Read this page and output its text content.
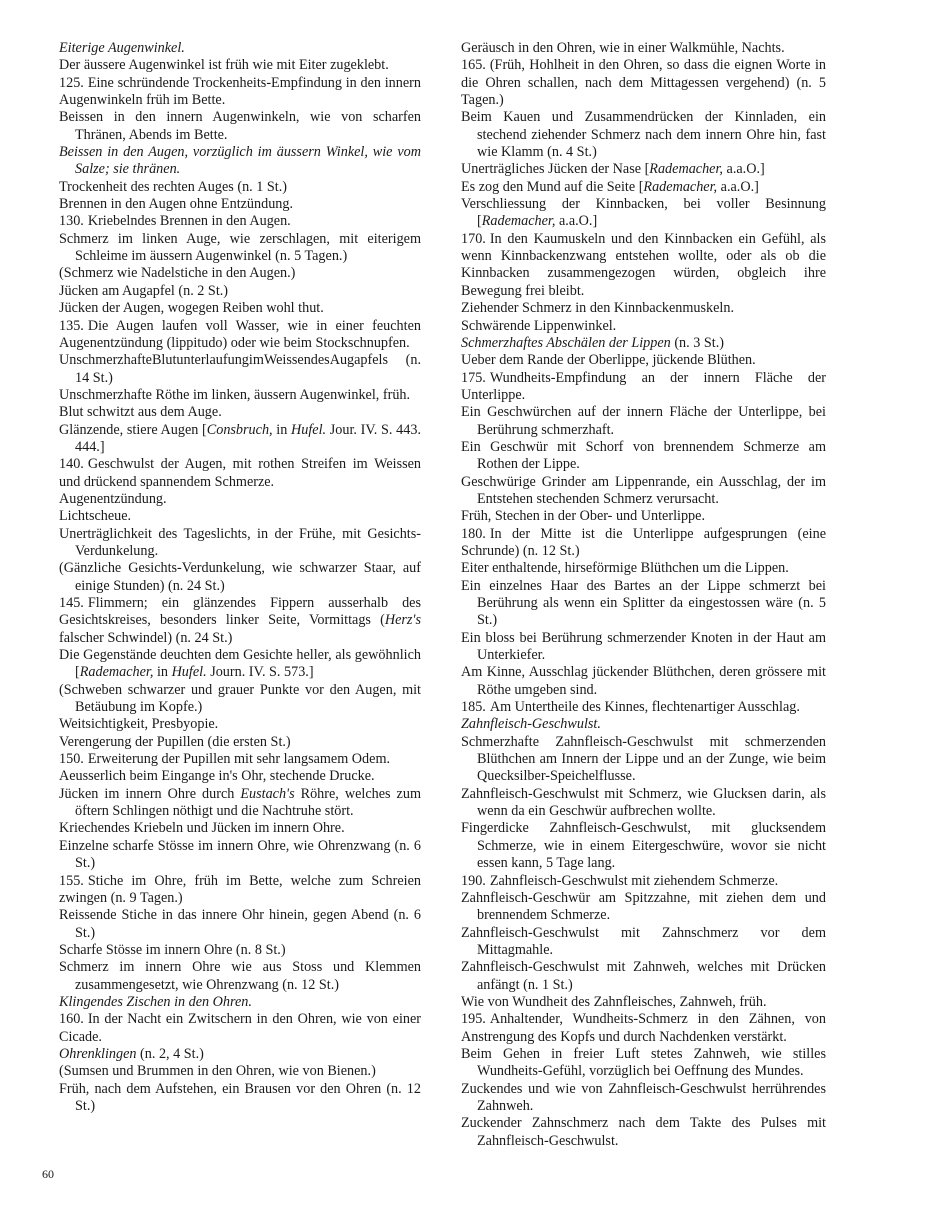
Eiterige Augenwinkel.

Der äussere Augenwinkel ist früh wie mit Eiter zugeklebt.

125. Eine schründende Trockenheits-Empfindung in den innern Augenwinkeln früh im Bette.

Beissen in den innern Augenwinkeln, wie von scharfen Thränen, Abends im Bette.

Beissen in den Augen, vorzüglich im äussern Winkel, wie vom Salze; sie thränen.

Trockenheit des rechten Auges (n. 1 St.)

Brennen in den Augen ohne Entzündung.

130. Kriebelndes Brennen in den Augen.

Schmerz im linken Auge, wie zerschlagen, mit eiterigem Schleime im äussern Augenwinkel (n. 5 Tagen.)

(Schmerz wie Nadelstiche in den Augen.)

Jücken am Augapfel (n. 2 St.)

Jücken der Augen, wogegen Reiben wohl thut.

135. Die Augen laufen voll Wasser, wie in einer feuchten Augenentzündung (lippitudo) oder wie beim Stockschnupfen.

UnschmerzhafteBlutunterlaufungimWeissendesAugapfels (n. 14 St.)

Unschmerzhafte Röthe im linken, äussern Augenwinkel, früh.

Blut schwitzt aus dem Auge.

Glänzende, stiere Augen [Consbruch, in Hufel. Jour. IV. S. 443. 444.]

140. Geschwulst der Augen, mit rothen Streifen im Weissen und drückend spannendem Schmerze.

Augenentzündung.

Lichtscheue.

Unerträglichkeit des Tageslichts, in der Frühe, mit Gesichts-Verdunkelung.

(Gänzliche Gesichts-Verdunkelung, wie schwarzer Staar, auf einige Stunden) (n. 24 St.)

145. Flimmern; ein glänzendes Fippern ausserhalb des Gesichtskreises, besonders linker Seite, Vormittags (Herz's falscher Schwindel) (n. 24 St.)

Die Gegenstände deuchten dem Gesichte heller, als gewöhnlich [Rademacher, in Hufel. Journ. IV. S. 573.]

(Schweben schwarzer und grauer Punkte vor den Augen, mit Betäubung im Kopfe.)

Weitsichtigkeit, Presbyopie.

Verengerung der Pupillen (die ersten St.)

150. Erweiterung der Pupillen mit sehr langsamem Odem.

Aeusserlich beim Eingange in's Ohr, stechende Drucke.

Jücken im innern Ohre durch Eustach's Röhre, welches zum öftern Schlingen nöthigt und die Nachtruhe stört.

Kriechendes Kriebeln und Jücken im innern Ohre.

Einzelne scharfe Stösse im innern Ohre, wie Ohrenzwang (n. 6 St.)

155. Stiche im Ohre, früh im Bette, welche zum Schreien zwingen (n. 9 Tagen.)

Reissende Stiche in das innere Ohr hinein, gegen Abend (n. 6 St.)

Scharfe Stösse im innern Ohre (n. 8 St.)

Schmerz im innern Ohre wie aus Stoss und Klemmen zusammengesetzt, wie Ohrenzwang (n. 12 St.)

Klingendes Zischen in den Ohren.

160. In der Nacht ein Zwitschern in den Ohren, wie von einer Cicade.

Ohrenklingen (n. 2, 4 St.)

(Sumsen und Brummen in den Ohren, wie von Bienen.)

Früh, nach dem Aufstehen, ein Brausen vor den Ohren (n. 12 St.)

Geräusch in den Ohren, wie in einer Walkmühle, Nachts.

165. (Früh, Hohlheit in den Ohren, so dass die eignen Worte in die Ohren schallen, nach dem Mittagessen vergehend) (n. 5 Tagen.)

Beim Kauen und Zusammendrücken der Kinnladen, ein stechend ziehender Schmerz nach dem innern Ohre hin, fast wie Klamm (n. 4 St.)

Unerträgliches Jücken der Nase [Rademacher, a.a.O.]

Es zog den Mund auf die Seite [Rademacher, a.a.O.]

Verschliessung der Kinnbacken, bei voller Besinnung [Rademacher, a.a.O.]

170. In den Kaumuskeln und den Kinnbacken ein Gefühl, als wenn Kinnbackenzwang entstehen wollte, oder als ob die Kinnbacken zusammengezogen würden, obgleich ihre Bewegung frei bleibt.

Ziehender Schmerz in den Kinnbackenmuskeln.

Schwärende Lippenwinkel.

Schmerzhaftes Abschälen der Lippen (n. 3 St.)

Ueber dem Rande der Oberlippe, jückende Blüthen.

175. Wundheits-Empfindung an der innern Fläche der Unterlippe.

Ein Geschwürchen auf der innern Fläche der Unterlippe, bei Berührung schmerzhaft.

Ein Geschwür mit Schorf von brennendem Schmerze am Rothen der Lippe.

Geschwürige Grinder am Lippenrande, ein Ausschlag, der im Entstehen stechenden Schmerz verursacht.

Früh, Stechen in der Ober- und Unterlippe.

180. In der Mitte ist die Unterlippe aufgesprungen (eine Schrunde) (n. 12 St.)

Eiter enthaltende, hirseförmige Blüthchen um die Lippen.

Ein einzelnes Haar des Bartes an der Lippe schmerzt bei Berührung als wenn ein Splitter da eingestossen wäre (n. 5 St.)

Ein bloss bei Berührung schmerzender Knoten in der Haut am Unterkiefer.

Am Kinne, Ausschlag jückender Blüthchen, deren grössere mit Röthe umgeben sind.

185. Am Untertheile des Kinnes, flechtenartiger Ausschlag.

Zahnfleisch-Geschwulst.

Schmerzhafte Zahnfleisch-Geschwulst mit schmerzenden Blüthchen am Innern der Lippe und an der Zunge, wie beim Quecksilber-Speichelflusse.

Zahnfleisch-Geschwulst mit Schmerz, wie Glucksen darin, als wenn da ein Geschwür aufbrechen wollte.

Fingerdicke Zahnfleisch-Geschwulst, mit glucksendem Schmerze, wie in einem Eitergeschwüre, wovor sie nicht essen kann, 5 Tage lang.

190. Zahnfleisch-Geschwulst mit ziehendem Schmerze.

Zahnfleisch-Geschwür am Spitzzahne, mit ziehen dem und brennendem Schmerze.

Zahnfleisch-Geschwulst mit Zahnschmerz vor dem Mittagmahle.

Zahnfleisch-Geschwulst mit Zahnweh, welches mit Drücken anfängt (n. 1 St.)

Wie von Wundheit des Zahnfleisches, Zahnweh, früh.

195. Anhaltender, Wundheits-Schmerz in den Zähnen, von Anstrengung des Kopfs und durch Nachdenken verstärkt.

Beim Gehen in freier Luft stetes Zahnweh, wie stilles Wundheits-Gefühl, vorzüglich bei Oeffnung des Mundes.

Zuckendes und wie von Zahnfleisch-Geschwulst herrührendes Zahnweh.

Zuckender Zahnschmerz nach dem Takte des Pulses mit Zahnfleisch-Geschwulst.

60
